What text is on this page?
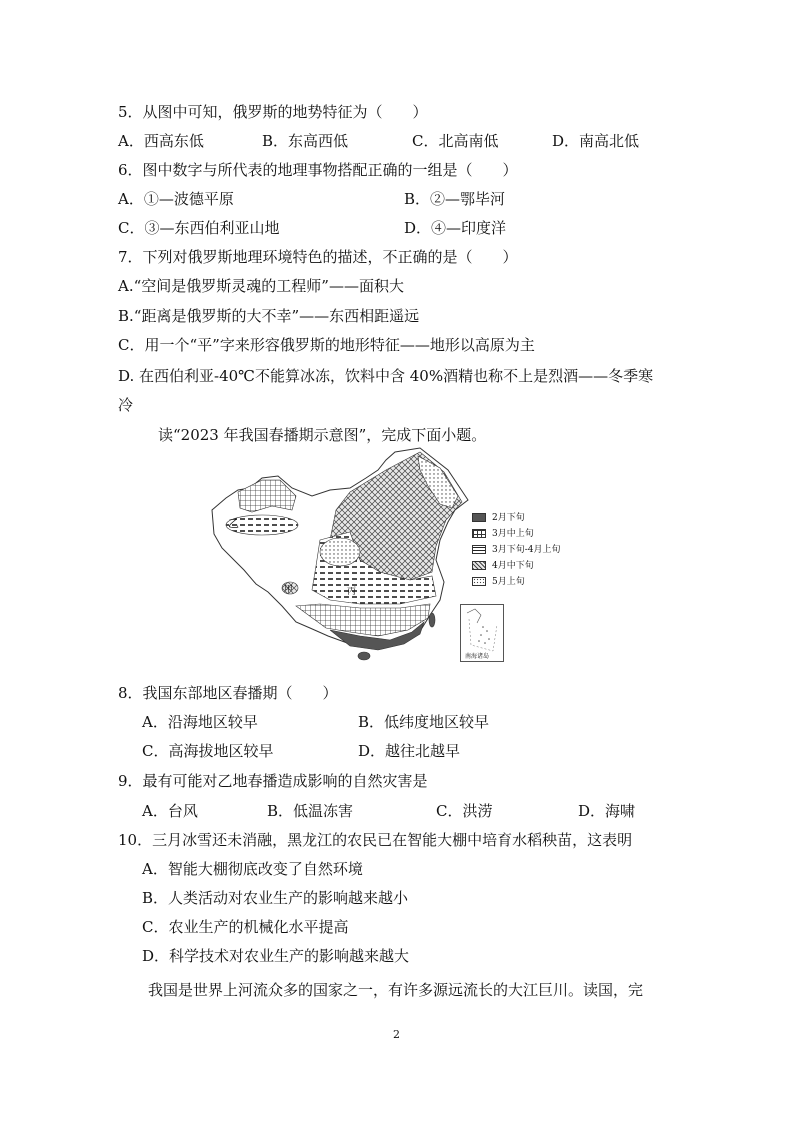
5．从图中可知，俄罗斯的地势特征为（　　）
A．西高东低	B．东高西低	C．北高南低	D．南高北低
6．图中数字与所代表的地理事物搭配正确的一组是（　　）
A．①—波德平原	B．②—鄂毕河
C．③—东西伯利亚山地	D．④—印度洋
7．下列对俄罗斯地理环境特色的描述，不正确的是（　　）
A.“空间是俄罗斯灵魂的工程师”——面积大
B.“距离是俄罗斯的大不幸”——东西相距遥远
C．用一个“平”字来形容俄罗斯的地形特征——地形以高原为主
D. 在西伯利亚-40℃不能算冰冻，饮料中含 40%酒精也称不上是烈酒——冬季寒
冷
读“2023 年我国春播期示意图”，完成下面小题。
乙
甲	丙
2月下旬
3月中上旬
3月下旬-4月上旬
4月中下旬
5月上旬
南海诸岛
8．我国东部地区春播期（　　）
A．沿海地区较早	B．低纬度地区较早
C．高海拔地区较早	D．越往北越早
9．最有可能对乙地春播造成影响的自然灾害是
A．台风	B．低温冻害	C．洪涝	D．海啸
10．三月冰雪还未消融，黑龙江的农民已在智能大棚中培育水稻秧苗，这表明
A．智能大棚彻底改变了自然环境
B．人类活动对农业生产的影响越来越小
C．农业生产的机械化水平提高
D．科学技术对农业生产的影响越来越大
我国是世界上河流众多的国家之一，有许多源远流长的大江巨川。读国，完
2
